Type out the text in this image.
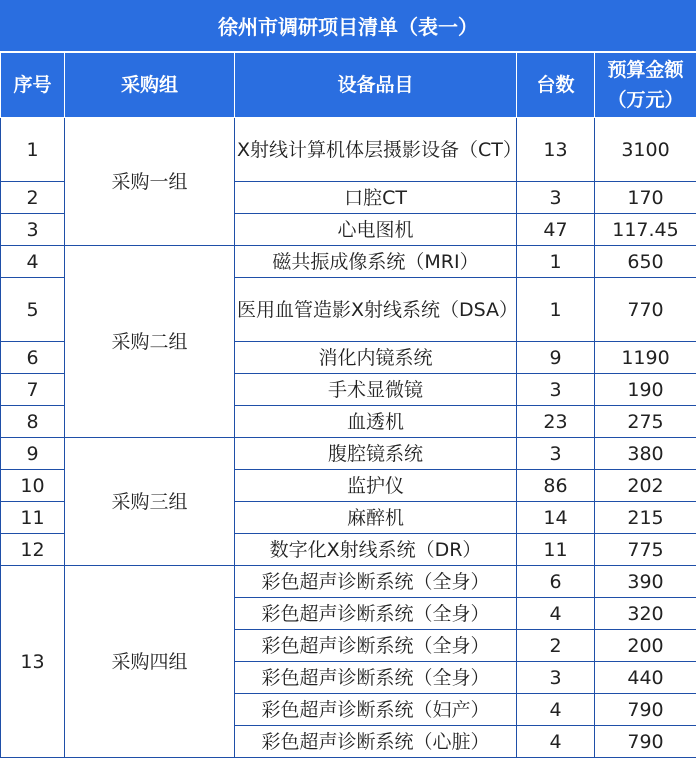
徐州市调研项目清单（表一）
序号	采购组	设备品目	台数	预算金额（万元）
1	采购一组	X射线计算机体层摄影设备（CT）	13	3100
2		口腔CT	3	170
3		心电图机	47	117.45
4	采购二组	磁共振成像系统（MRI）	1	650
5		医用血管造影X射线系统（DSA）	1	770
6		消化内镜系统	9	1190
7		手术显微镜	3	190
8		血透机	23	275
9	采购三组	腹腔镜系统	3	380
10		监护仪	86	202
11		麻醉机	14	215
12		数字化X射线系统（DR）	11	775
13	采购四组	彩色超声诊断系统（全身）	6	390
		彩色超声诊断系统（全身）	4	320
		彩色超声诊断系统（全身）	2	200
		彩色超声诊断系统（全身）	3	440
		彩色超声诊断系统（妇产）	4	790
		彩色超声诊断系统（心脏）	4	790
